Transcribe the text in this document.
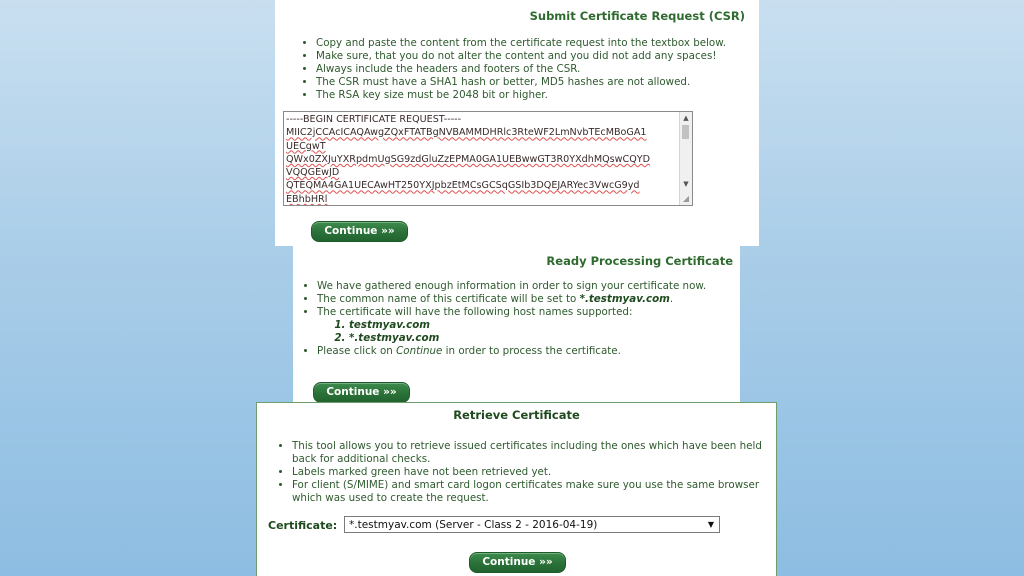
Submit Certificate Request (CSR)
• Copy and paste the content from the certificate request into the textbox below.
• Make sure, that you do not alter the content and you did not add any spaces!
• Always include the headers and footers of the CSR.
• The CSR must have a SHA1 hash or better, MD5 hashes are not allowed.
• The RSA key size must be 2048 bit or higher.
-----BEGIN CERTIFICATE REQUEST-----
MIIC2jCCAcICAQAwgZQxFTATBgNVBAMMDHRlc3RteWF2LmNvbTEcMBoGA1
UECgwT
QWx0ZXJuYXRpdmUgSG9zdGluZzEPMA0GA1UEBwwGT3R0YXdhMQswCQYD
VQQGEwJD
QTEQMA4GA1UECAwHT250YXJpbzEtMCsGCSqGSIb3DQEJARYec3VwcG9yd
EBhbHRl
▲
▼
◢
Continue »»
Ready Processing Certificate
• We have gathered enough information in order to sign your certificate now.
• The common name of this certificate will be set to *.testmyav.com.
• The certificate will have the following host names supported:
1. testmyav.com
2. *.testmyav.com
• Please click on Continue in order to process the certificate.
Continue »»
Retrieve Certificate
• This tool allows you to retrieve issued certificates including the ones which have been held back for additional checks.
• Labels marked green have not been retrieved yet.
• For client (S/MIME) and smart card logon certificates make sure you use the same browser which was used to create the request.
Certificate: *.testmyav.com (Server - Class 2 - 2016-04-19)	▼
Continue »»
